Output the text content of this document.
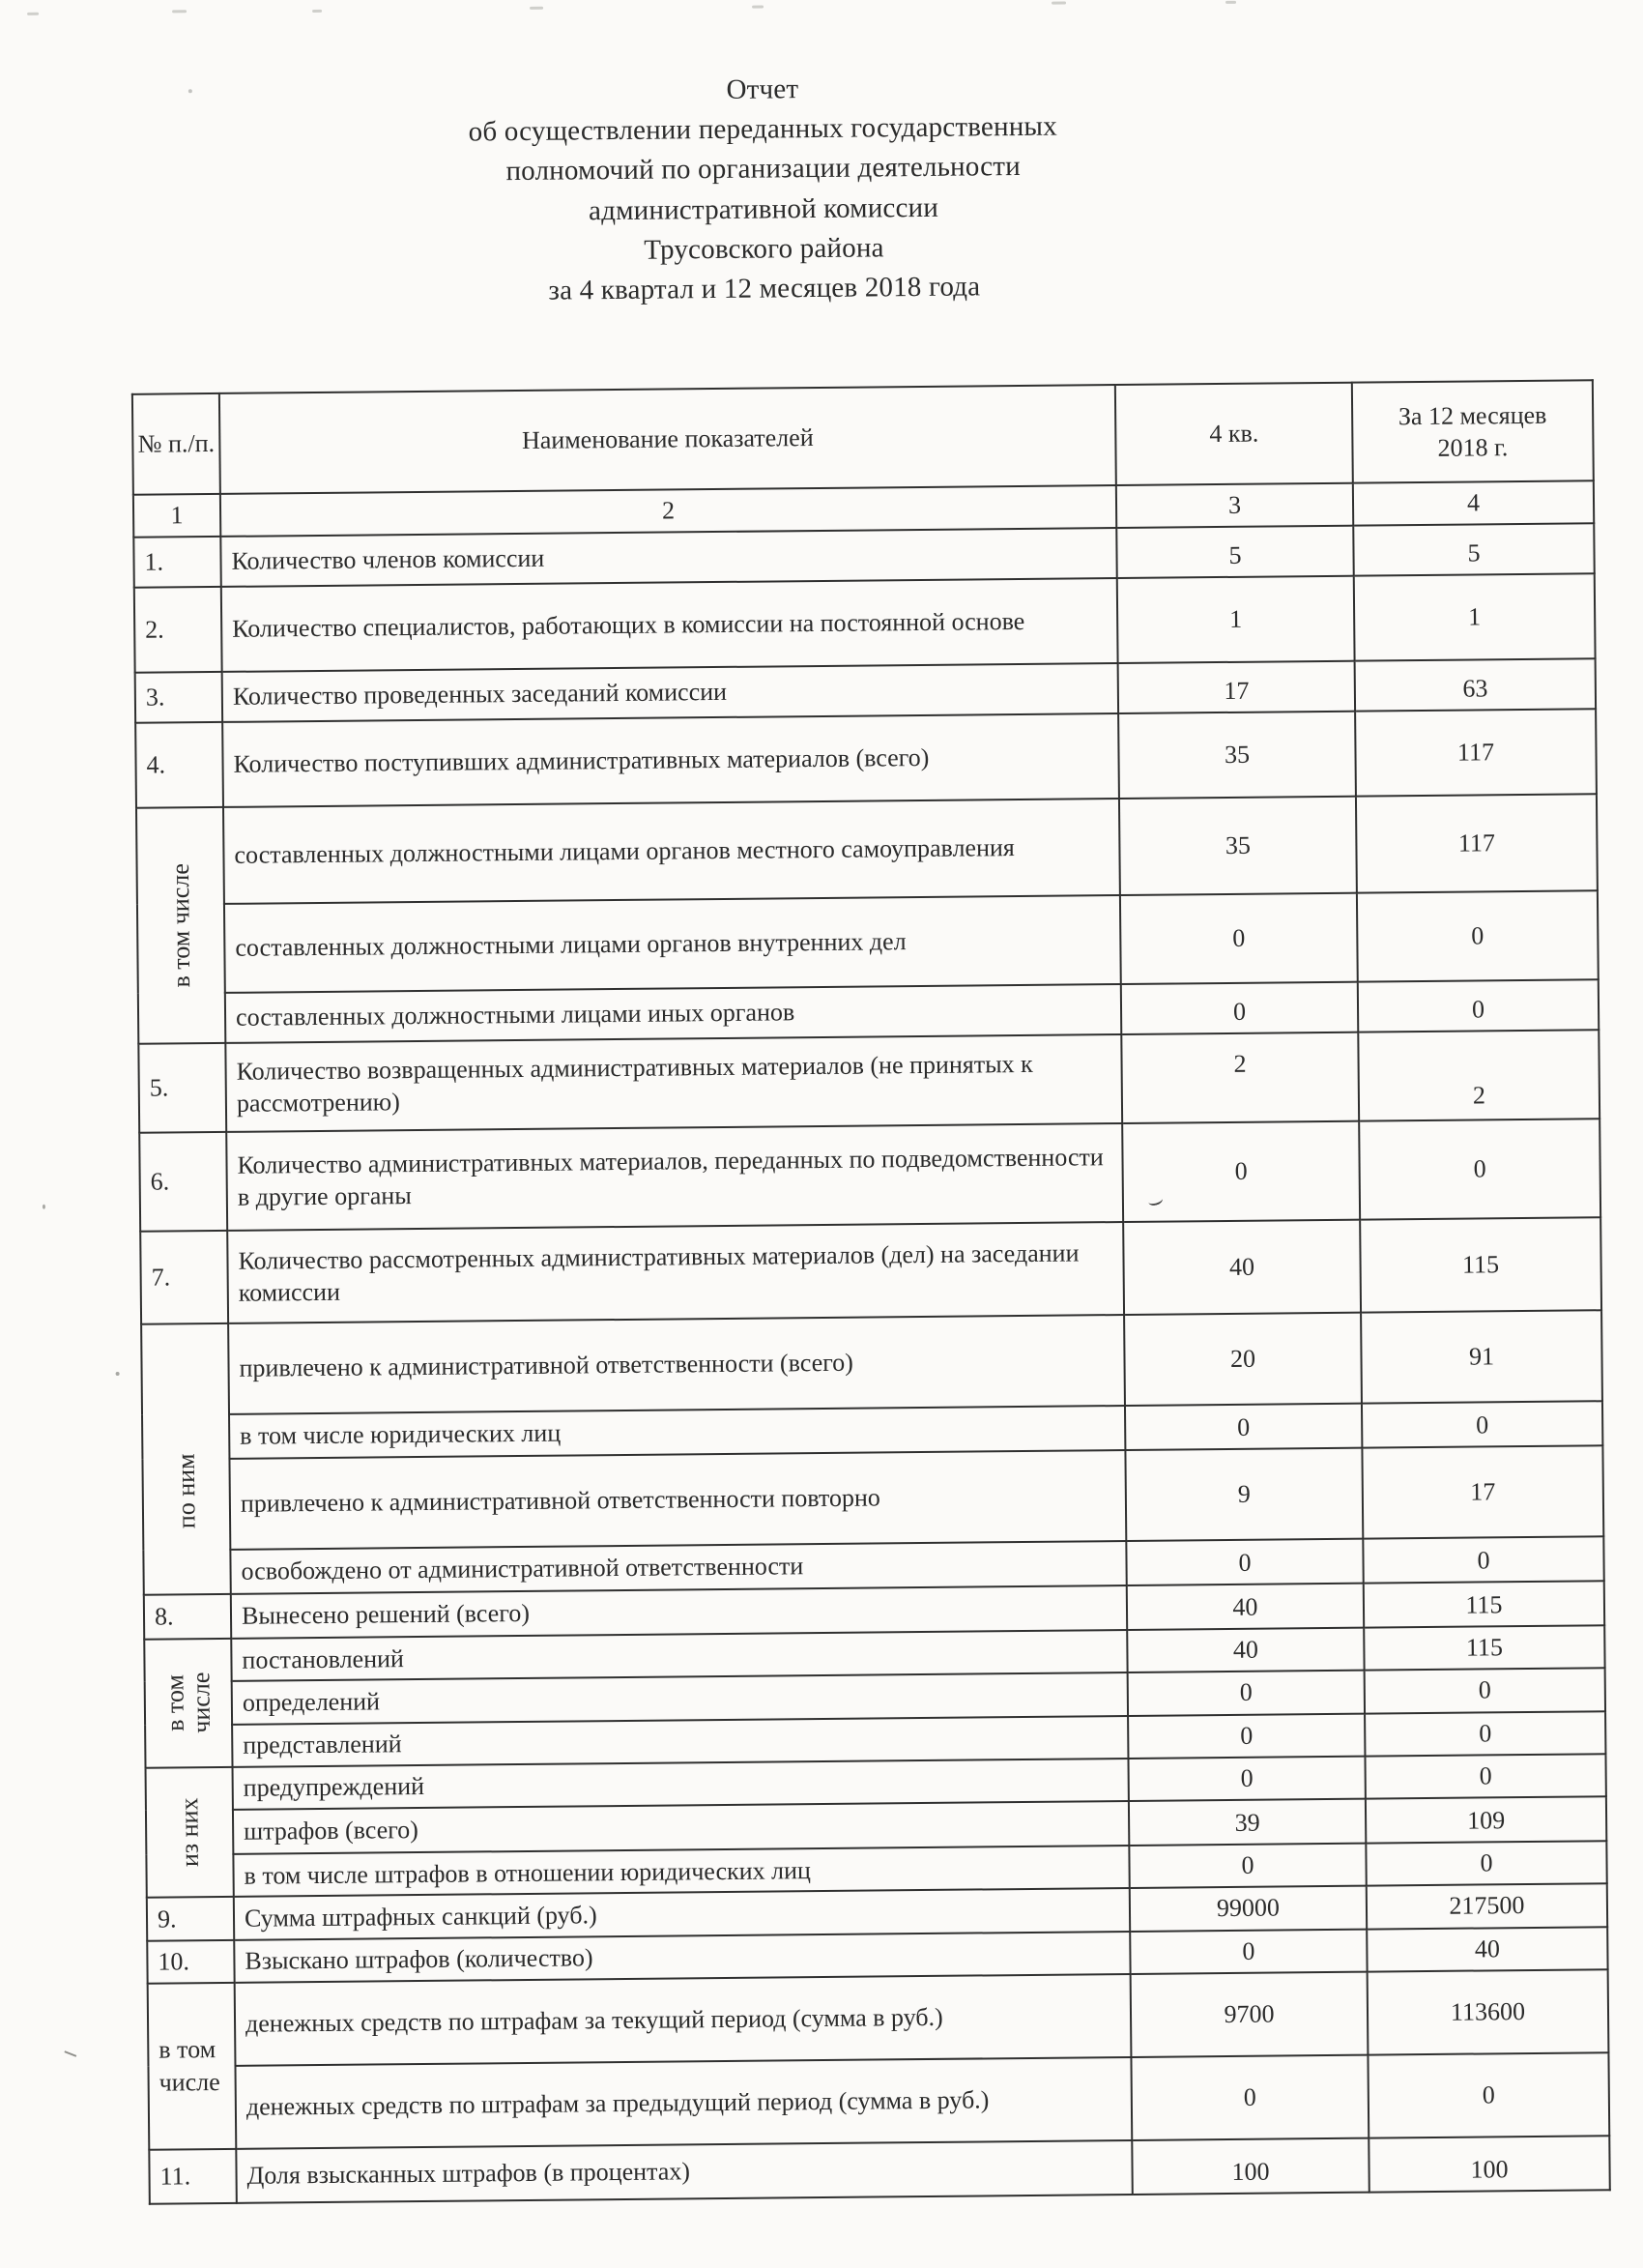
Отчет
об осуществлении переданных государственных
полномочий по организации деятельности
административной комиссии
Трусовского района
за 4 квартал и 12 месяцев 2018 года
№ п./п.	Наименование показателей	4 кв.	За 12 месяцев 2018 г.
1	2	3	4
1.	Количество членов комиссии	5	5
2.	Количество специалистов, работающих в комиссии на постоянной основе	1	1
3.	Количество проведенных заседаний комиссии	17	63
4.	Количество поступивших административных материалов (всего)	35	117

в том числе	составленных должностными лицами органов местного самоуправления	35	117
	составленных должностными лицами органов внутренних дел	0	0
	составленных должностными лицами иных органов	0	0
5.	Количество возвращенных административных материалов (не принятых к рассмотрению)	2	2
6.	Количество административных материалов, переданных по подведомственности в другие органы	0	0
7.	Количество рассмотренных административных материалов (дел) на заседании комиссии	40	115

по ним	привлечено к административной ответственности (всего)	20	91
	в том числе юридических лиц	0	0
	привлечено к административной ответственности повторно	9	17
	освобождено от административной ответственности	0	0
8.	Вынесено решений (всего)	40	115

в том числе	постановлений	40	115
	определений	0	0
	представлений	0	0

из них	предупреждений	0	0
	штрафов (всего)	39	109
	в том числе штрафов в отношении юридических лиц	0	0
9.	Сумма штрафных санкций (руб.)	99000	217500
10.	Взыскано штрафов (количество)	0	40
в том числе	денежных средств по штрафам за текущий период (сумма в руб.)	9700	113600
	денежных средств по штрафам за предыдущий период (сумма в руб.)	0	0
11.	Доля взысканных штрафов (в процентах)	100	100
